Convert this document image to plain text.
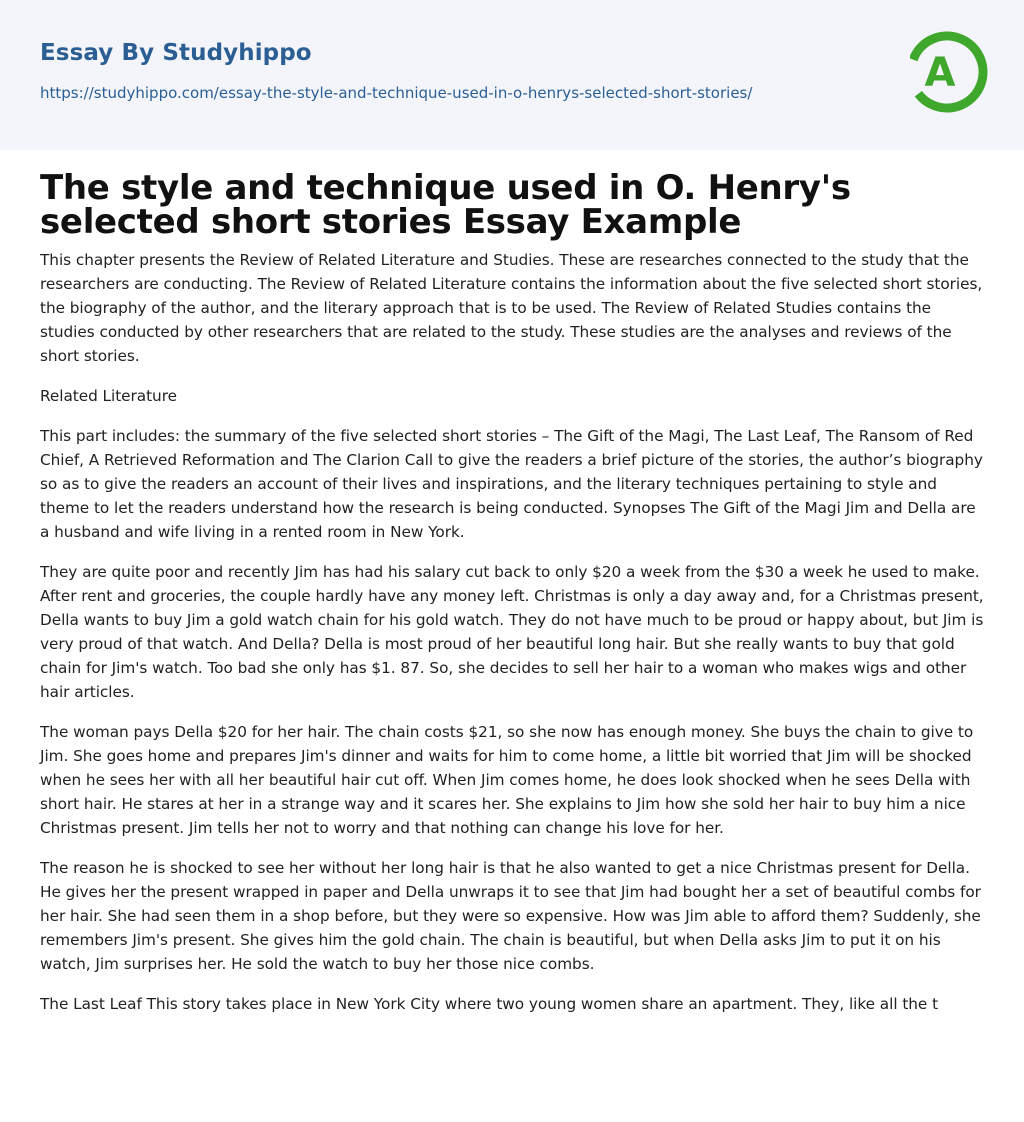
Essay By Studyhippo
https://studyhippo.com/essay-the-style-and-technique-used-in-o-henrys-selected-short-stories/	A
The style and technique used in O. Henry's selected short stories Essay Example

This chapter presents the Review of Related Literature and Studies. These are researches connected to the study that the researchers are conducting. The Review of Related Literature contains the information about the five selected short stories, the biography of the author, and the literary approach that is to be used. The Review of Related Studies contains the studies conducted by other researchers that are related to the study. These studies are the analyses and reviews of the short stories.

Related Literature

This part includes: the summary of the five selected short stories – The Gift of the Magi, The Last Leaf, The Ransom of Red Chief, A Retrieved Reformation and The Clarion Call to give the readers a brief picture of the stories, the author’s biography so as to give the readers an account of their lives and inspirations, and the literary techniques pertaining to style and theme to let the readers understand how the research is being conducted. Synopses The Gift of the Magi Jim and Della are a husband and wife living in a rented room in New York.

They are quite poor and recently Jim has had his salary cut back to only $20 a week from the $30 a week he used to make. After rent and groceries, the couple hardly have any money left. Christmas is only a day away and, for a Christmas present, Della wants to buy Jim a gold watch chain for his gold watch. They do not have much to be proud or happy about, but Jim is very proud of that watch. And Della? Della is most proud of her beautiful long hair. But she really wants to buy that gold chain for Jim's watch. Too bad she only has $1. 87. So, she decides to sell her hair to a woman who makes wigs and other hair articles.

The woman pays Della $20 for her hair. The chain costs $21, so she now has enough money. She buys the chain to give to Jim. She goes home and prepares Jim's dinner and waits for him to come home, a little bit worried that Jim will be shocked when he sees her with all her beautiful hair cut off. When Jim comes home, he does look shocked when he sees Della with short hair. He stares at her in a strange way and it scares her. She explains to Jim how she sold her hair to buy him a nice Christmas present. Jim tells her not to worry and that nothing can change his love for her.

The reason he is shocked to see her without her long hair is that he also wanted to get a nice Christmas present for Della. He gives her the present wrapped in paper and Della unwraps it to see that Jim had bought her a set of beautiful combs for her hair. She had seen them in a shop before, but they were so expensive. How was Jim able to afford them? Suddenly, she remembers Jim's present. She gives him the gold chain. The chain is beautiful, but when Della asks Jim to put it on his watch, Jim surprises her. He sold the watch to buy her those nice combs.

The Last Leaf This story takes place in New York City where two young women share an apartment. They, like all the t
